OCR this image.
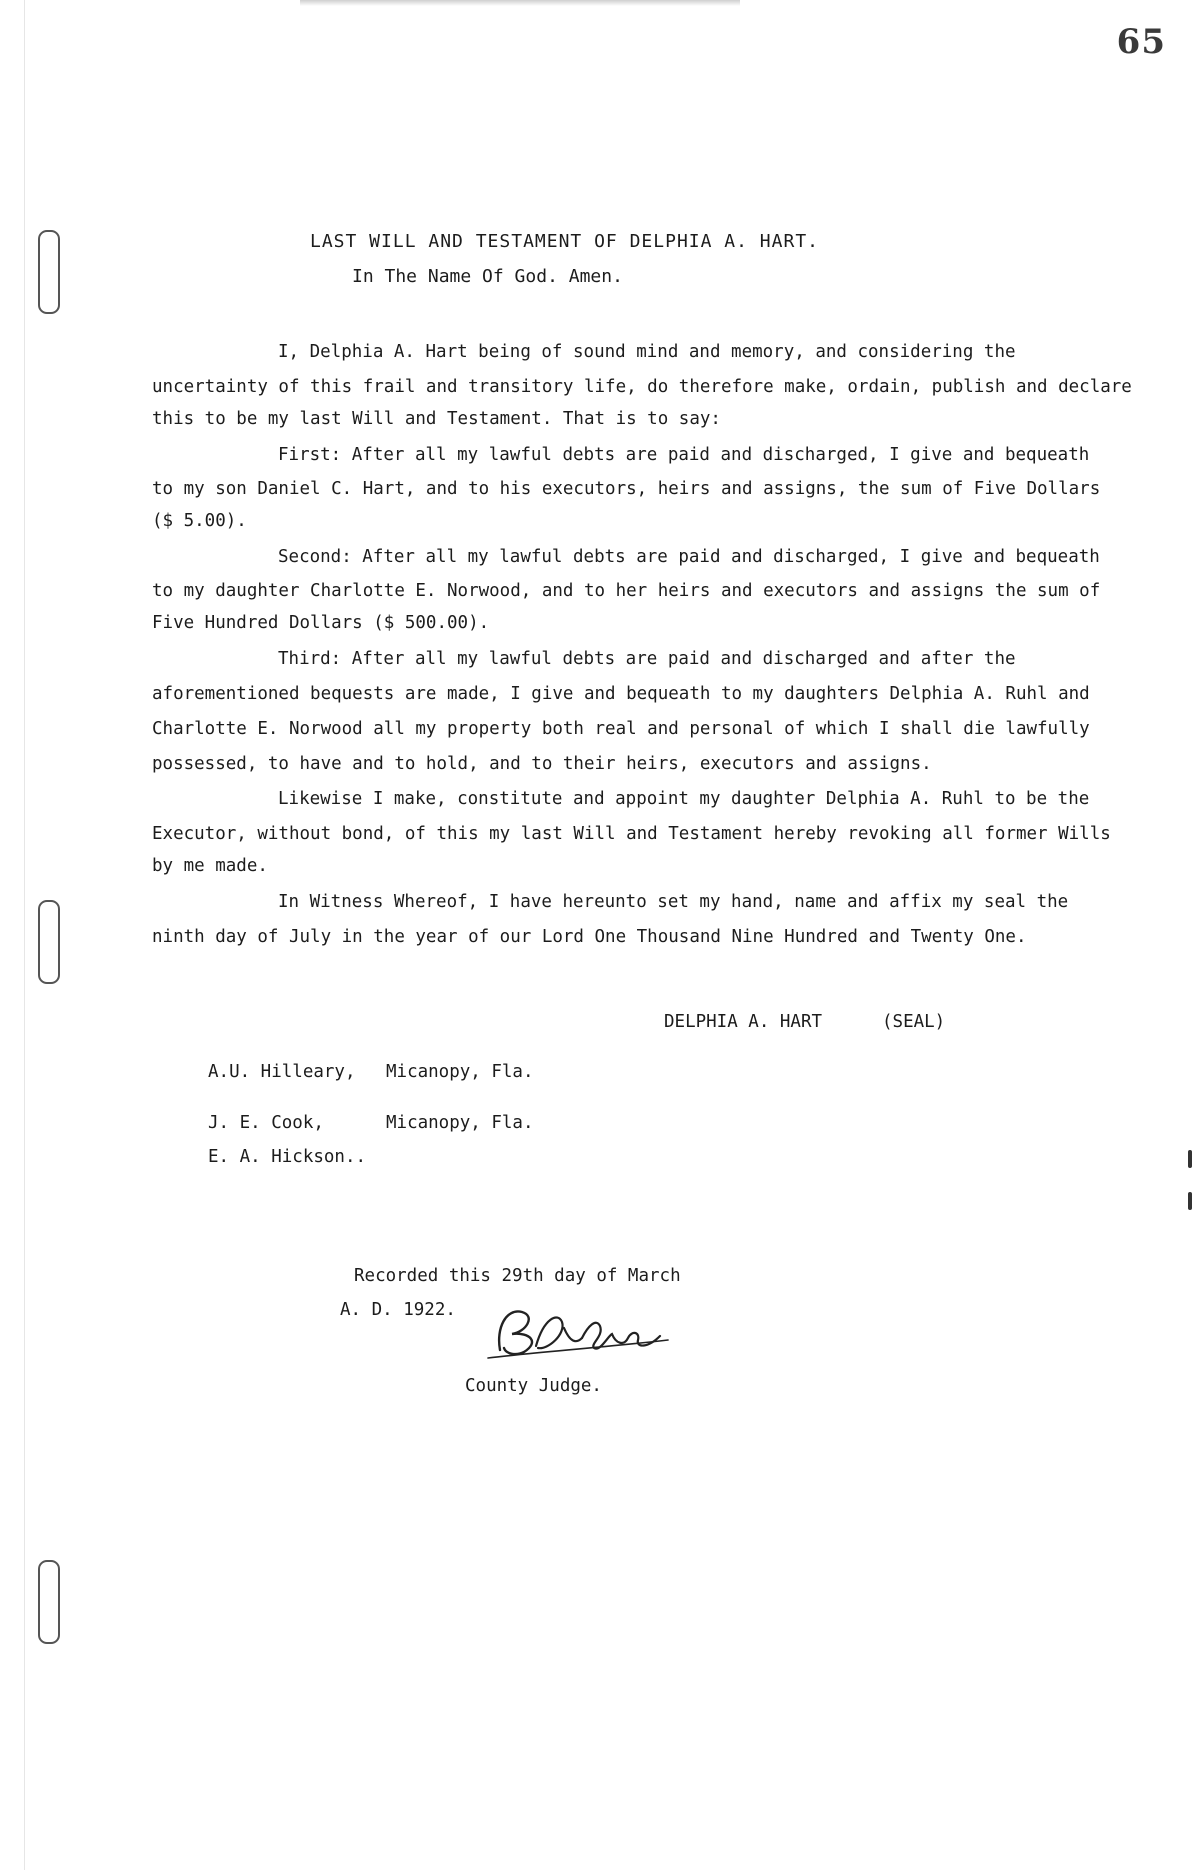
65
LAST WILL AND TESTAMENT OF DELPHIA A. HART.
In The Name Of God. Amen.
I, Delphia A. Hart being of sound mind and memory, and considering the
uncertainty of this frail and transitory life, do therefore make, ordain, publish and declare
this to be my last Will and Testament. That is to say:
First: After all my lawful debts are paid and discharged, I give and bequeath
to my son Daniel C. Hart, and to his executors, heirs and assigns, the sum of Five Dollars
($ 5.00).
Second: After all my lawful debts are paid and discharged, I give and bequeath
to my daughter Charlotte E. Norwood, and to her heirs and executors and assigns the sum of
Five Hundred Dollars ($ 500.00).
Third: After all my lawful debts are paid and discharged and after the
aforementioned bequests are made, I give and bequeath to my daughters Delphia A. Ruhl and
Charlotte E. Norwood all my property both real and personal of which I shall die lawfully
possessed, to have and to hold, and to their heirs, executors and assigns.
Likewise I make, constitute and appoint my daughter Delphia A. Ruhl to be the
Executor, without bond, of this my last Will and Testament hereby revoking all former Wills
by me made.
In Witness Whereof, I have hereunto set my hand, name and affix my seal the
ninth day of July in the year of our Lord One Thousand Nine Hundred and Twenty One.
DELPHIA A. HART	(SEAL)
A.U. Hilleary, Micanopy, Fla.
J. E. Cook,	Micanopy, Fla.
E. A. Hickson..
Recorded this 29th day of March
A. D. 1922.
County Judge.
